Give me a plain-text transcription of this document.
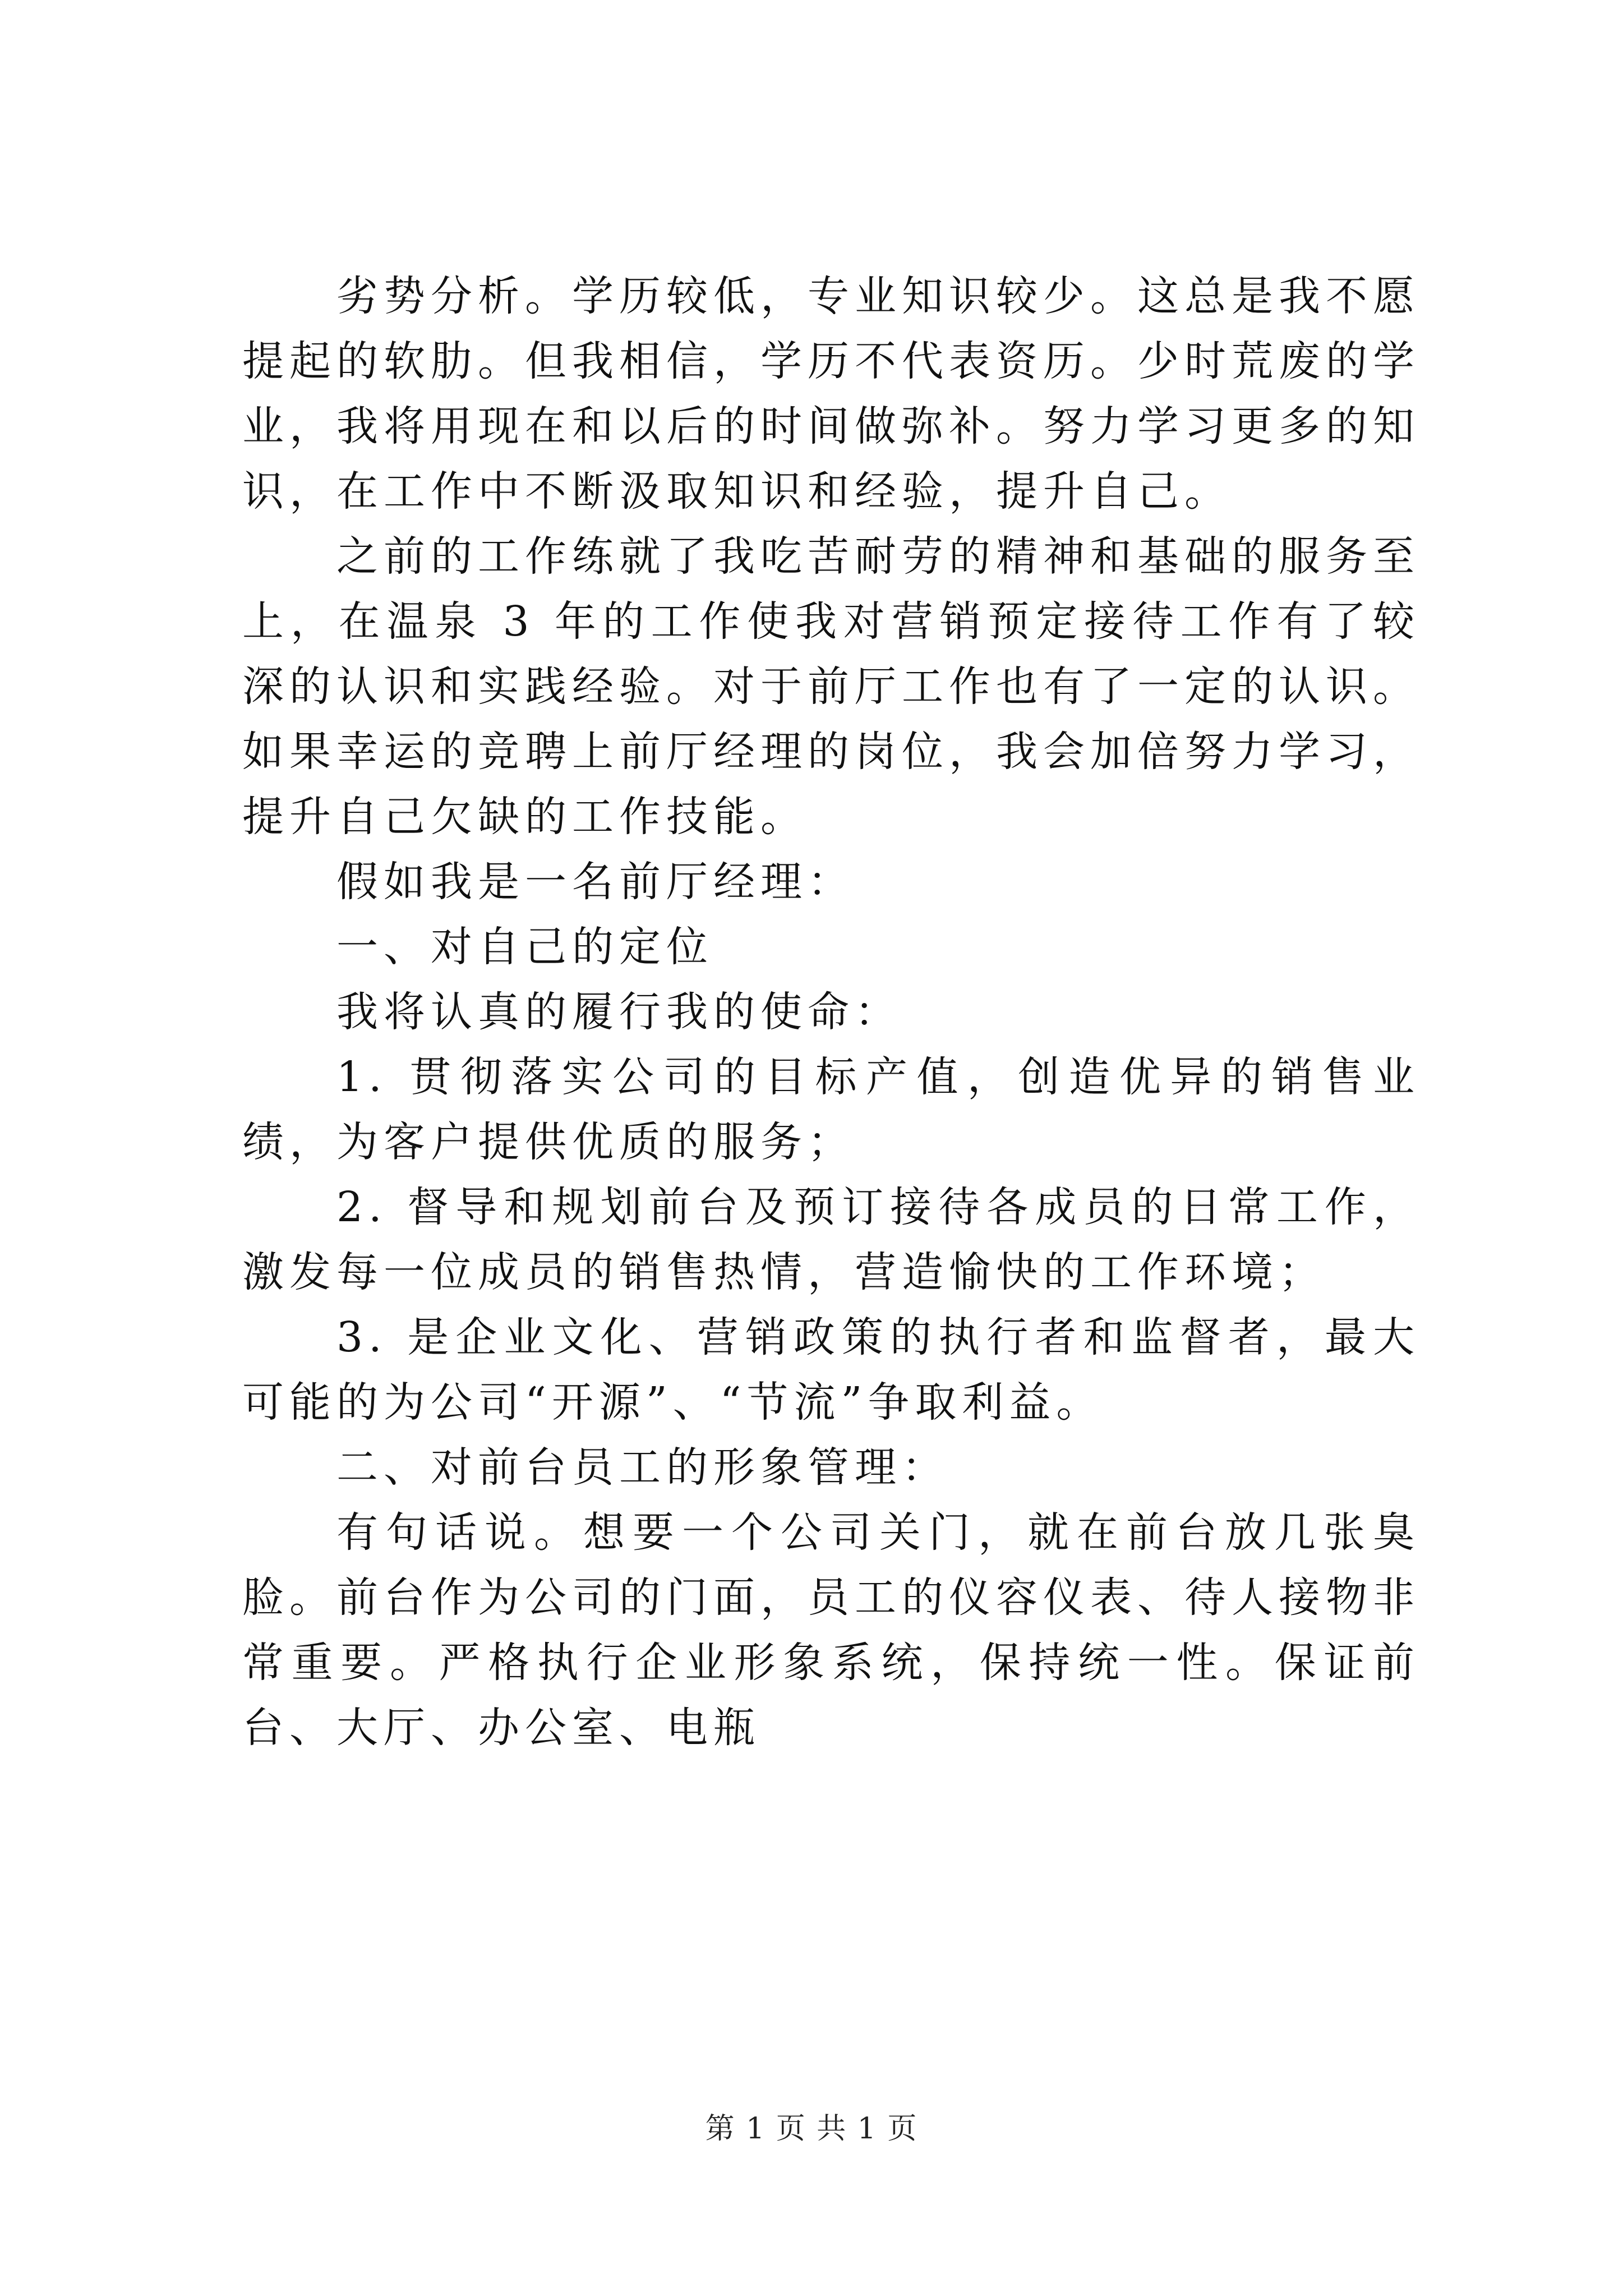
劣势分析。学历较低，专业知识较少。这总是我不愿提起的软肋。但我相信，学历不代表资历。少时荒废的学业，我将用现在和以后的时间做弥补。努力学习更多的知识，在工作中不断汲取知识和经验，提升自己。

之前的工作练就了我吃苦耐劳的精神和基础的服务至上，在温泉 3 年的工作使我对营销预定接待工作有了较深的认识和实践经验。对于前厅工作也有了一定的认识。如果幸运的竞聘上前厅经理的岗位，我会加倍努力学习，提升自己欠缺的工作技能。

假如我是一名前厅经理：

一、对自己的定位

我将认真的履行我的使命：

1. 贯彻落实公司的目标产值，创造优异的销售业绩，为客户提供优质的服务；

2. 督导和规划前台及预订接待各成员的日常工作，激发每一位成员的销售热情，营造愉快的工作环境；

3. 是企业文化、营销政策的执行者和监督者，最大可能的为公司“开源”、“节流”争取利益。

二、对前台员工的形象管理：

有句话说。想要一个公司关门，就在前台放几张臭脸。前台作为公司的门面，员工的仪容仪表、待人接物非常重要。严格执行企业形象系统，保持统一性。保证前台、大厅、办公室、电瓶

第 1 页 共 1 页
